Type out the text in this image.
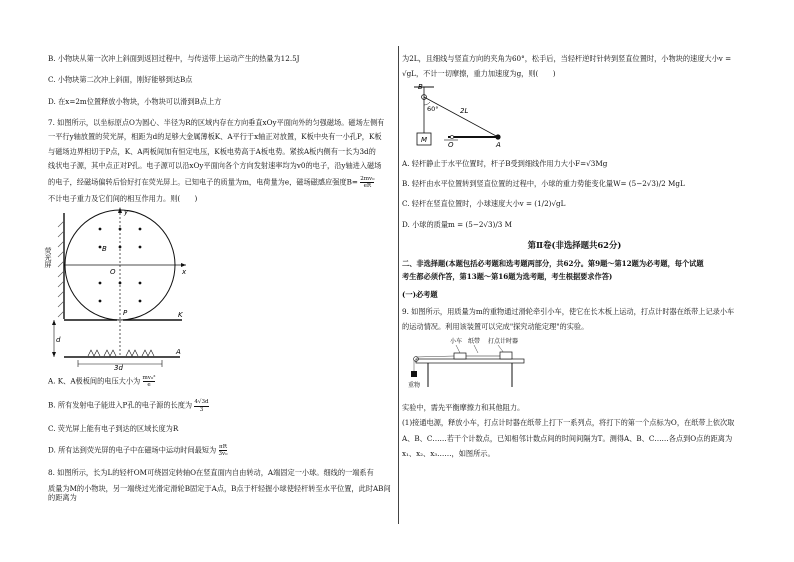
B. 小物块从第一次冲上斜面到返回过程中，与传送带上运动产生的热量为12.5J

C. 小物块第二次冲上斜面，刚好能够到达B点

D. 在x=2m位置释放小物块，小物块可以滑到B点上方

7. 如图所示，以坐标原点O为圆心、半径为R的区域内存在方向垂直xOy平面向外的匀强磁场。磁场左侧有

一平行y轴放置的荧光屏，相距为d的足够大金属薄板K、A平行于x轴正对放置，K板中央有一小孔P，K板

与磁场边界相切于P点，K、A两板间加有恒定电压，K板电势高于A板电势。紧挨A板内侧有一长为3d的

线状电子源，其中点正对P孔。电子源可以沿xOy平面向各个方向发射速率均为v0的电子，沿y轴进入磁场

的电子，经磁场偏转后恰好打在荧光屏上。已知电子的质量为m，电荷量为e，磁场磁感应强度$B= \frac{\text{2mv₀}}{eR}$

不计电子重力及它们间的相互作用力。则(　　)

荧光屏
x
y
B
O
P	K
d
A
3d

A. K、A极板间的电压大小为 $\frac{\text{mv₀²}}{e}$

B. 所有发射电子能进入P孔的电子源的长度为 $\frac{4√3d}{3}$

C. 荧光屏上能有电子到达的区域长度为R

D. 所有达到荧光屏的电子中在磁场中运动时间最短为 $\frac{\pi R}{\text{3v₀}}$

8. 如图所示，长为L的轻杆OM可绕固定转轴O在竖直面内自由转动，A端固定一小球。细线的一端系有

质量为M的小物块，另一端绕过光滑定滑轮B固定于A点，B点于杆轻握小球使轻杆转至水平位置，此时AB间的距离为

为2L，且细线与竖直方向的夹角为60°，松手后，当轻杆逆时针转到竖直位置时，小物块的速度大小v =

√gL，不计一切摩擦，重力加速度为g，则(　　)

B
60°	2L
M
O	A

A. 轻杆静止于水平位置时，杆子B受到细线作用力大小F=√3Mg

B. 轻杆由水平位置转到竖直位置的过程中，小球的重力势能变化量W= (5−2√3)/2 MgL

C. 轻杆在竖直位置时，小球速度大小v = (1/2)√gL

D. 小球的质量m = (5−2√3)/3 M

第Ⅱ卷(非选择题共62分)

二、非选择题(本题包括必考题和选考题两部分，共62分。第9题～第12题为必考题，每个试题

考生都必须作答，第13题～第16题为选考题，考生根据要求作答)

(一)必考题

9. 如图所示，用质量为m的重物通过滑轮牵引小车，使它在长木板上运动，打点计时器在纸带上记录小车

的运动情况。利用该装置可以完成"探究动能定理"的实验。

小车 纸带 打点计时器
重物

实验中，需先平衡摩擦力和其他阻力。

(1)接通电源，释放小车，打点计时器在纸带上打下一系列点，将打下的第一个点标为O，在纸带上依次取

A、B、C……若干个计数点，已知相邻计数点间的时间间隔为T。测得A、B、C……各点到O点的距离为

x₁、x₂、x₃……，如图所示。
